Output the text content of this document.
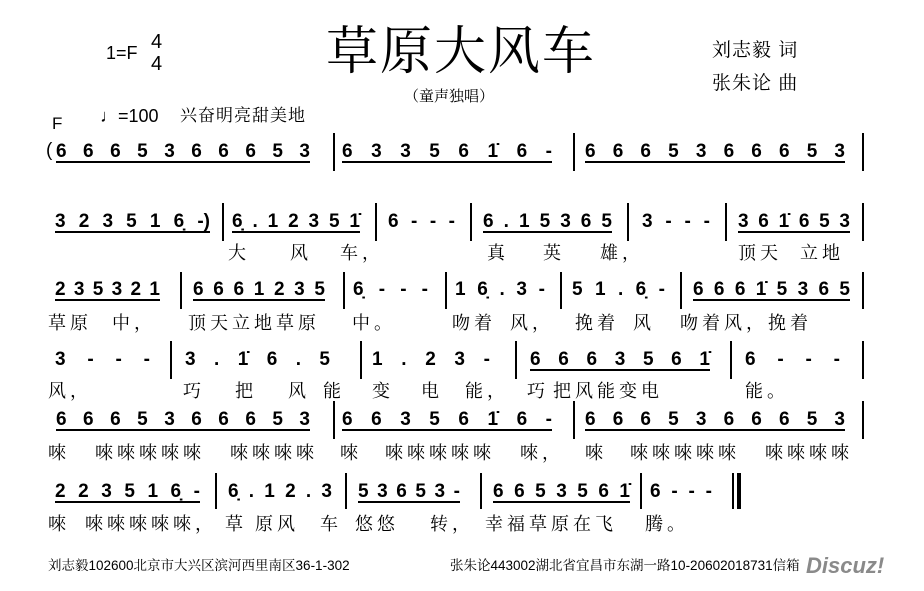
草原大风车
（童声独唱）
1=F 4
4
刘志毅 词
张朱论 曲
♩=100 兴奋明亮甜美地
F
( 6 6 6 5 3 6 6 6 5 3 6 3 3 5 6 1̇ 6 - 6 6 6 5 3 6 6 6 5 3
3 2 3 5 1 6̣ -) 6̣ . 1 2 3 5 1̇ 6 - - - 6 . 1 5 3 6 5 3 - - - 3 6 1̇ 6 5 3
大 风 车，	真 英 雄，	顶天 立地
2 3 5 3 2 1 6 6 6 1 2 3 5 6̣ - - - 1 6̣ . 3 - 5 1 . 6̣ - 6 6 6 1̇ 5 3 6 5
草原 中， 顶天立地草原 中。	吻着 风， 挽着 风 吻着风，挽着
3 - - - 3 . 1̇ 6 . 5 1 . 2 3 - 6 6 6 3 5 6 1̇ 6 - - -
风，	巧 把 风 能 变 电 能， 巧 把风能变电	能。
6 6 6 5 3 6 6 6 5 3 6 6 3 5 6 1̇ 6 - 6 6 6 5 3 6 6 6 5 3
唻 唻唻唻唻唻 唻唻唻唻 唻 唻唻唻唻唻 唻， 唻 唻唻唻唻唻 唻唻唻唻
2 2 3 5 1 6̣ - 6̣ . 1 2 . 3 5 3 6 5 3 - 6 6 5 3 5 6 1̇ 6 - - -
唻 唻唻唻唻唻， 草 原风 车 悠悠 转， 幸福草原在飞 腾。
刘志毅102600北京市大兴区滨河西里南区36-1-302	张朱论443002湖北省宜昌市东湖一路10-20602018731信箱 Discuz!
